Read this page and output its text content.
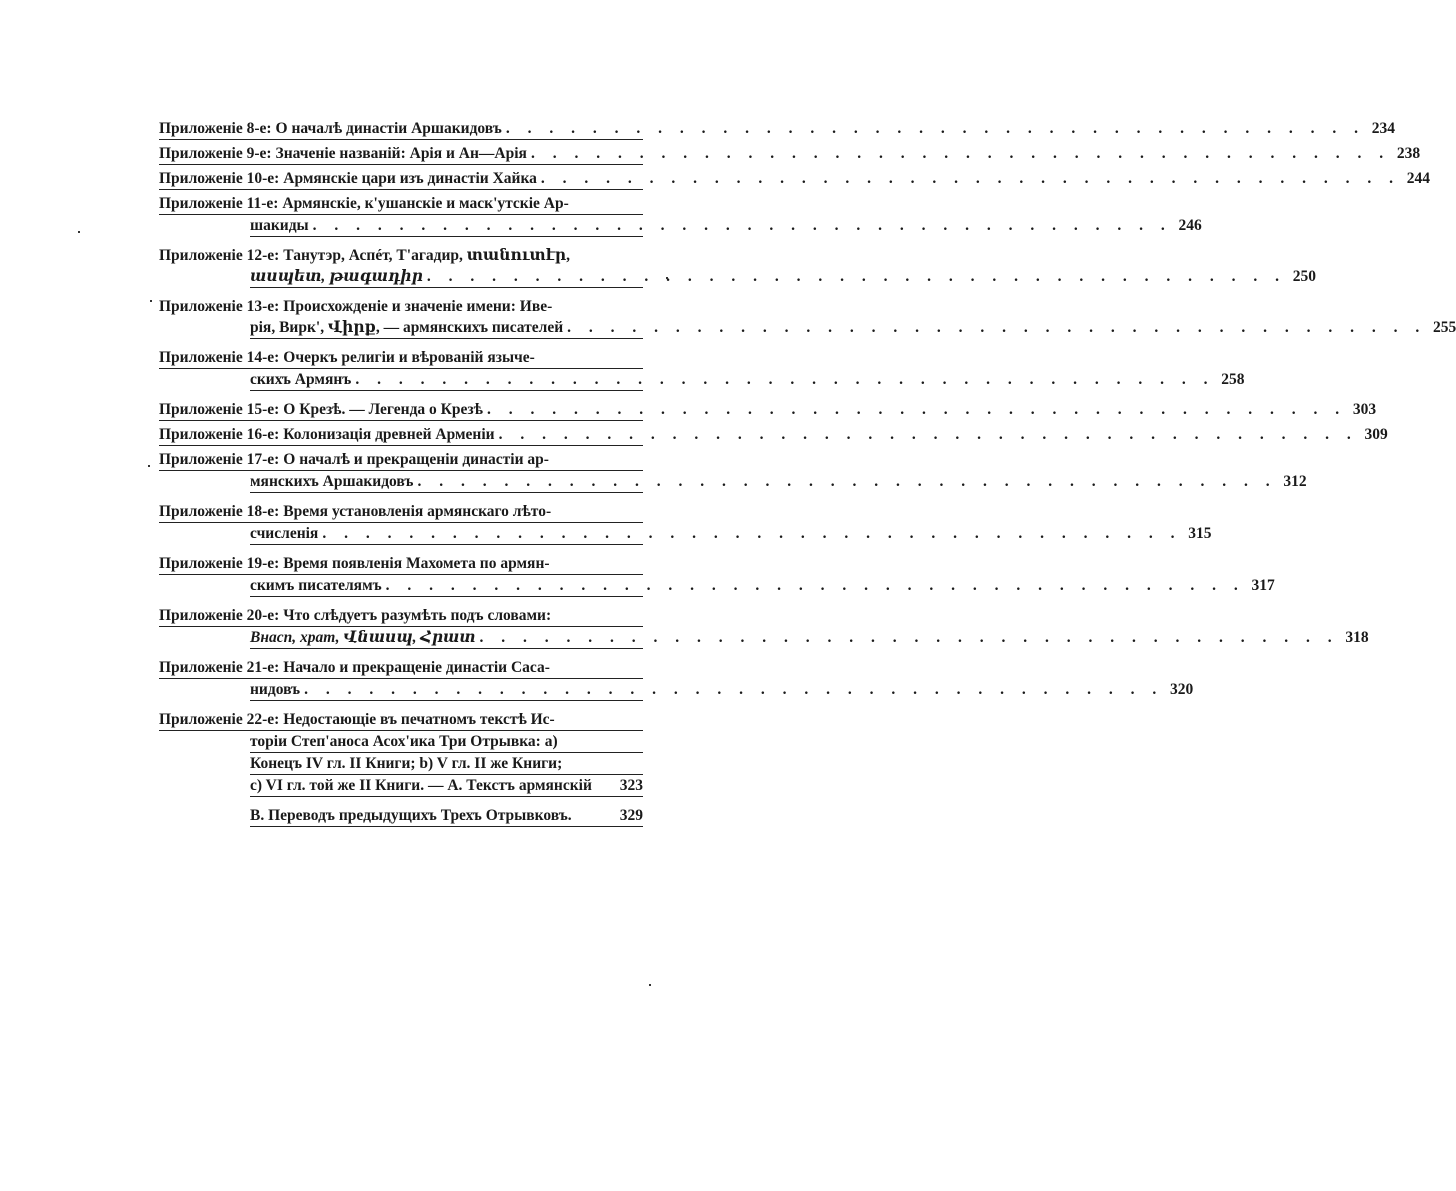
Приложеніе 8-е: О началѣ династіи Аршакидовъ . . .	234
Приложеніе 9-е: Значеніе названій: Арія и Ан—Арія . . .	238
Приложеніе 10-е: Армянскіе цари изъ династіи Хайка . . .	244
Приложеніе 11-е: Армянскіе, к'ушанскіе и маск'утскіе Ар-
шакиды . . .	246
Приложеніе 12-е: Танутэр, Аспéт, Т'агадир, տանուտէր,
ասպետ, թագադիր . . .	250
Приложеніе 13-е: Происхожденіе и значеніе имени: Иве-
рія, Вирк', Վիրք, — армянскихъ писателей . . .	255
Приложеніе 14-е: Очеркъ религіи и вѣрованій языче-
скихъ Армянъ . . .	258
Приложеніе 15-е: О Крезѣ. — Легенда о Крезѣ . . .	303
Приложеніе 16-е: Колонизація древней Арменіи . . .	309
Приложеніе 17-е: О началѣ и прекращеніи династіи ар-
мянскихъ Аршакидовъ . . .	312
Приложеніе 18-е: Время установленія армянскаго лѣто-
счисленія . . .	315
Приложеніе 19-е: Время появленія Махомета по армян-
скимъ писателямъ . . .	317
Приложеніе 20-е: Что слѣдуетъ разумѣть подъ словами:
Внасп, храт, Վնասպ, Հրատ . . .	318
Приложеніе 21-е: Начало и прекращеніе династіи Саса-
нидовъ . . .	320
Приложеніе 22-е: Недостающіе въ печатномъ текстѣ Ис-
торіи Степ'аноса Асох'ика Три Отрывка: а)
Конецъ IV гл. II Книги; b) V гл. II же Книги;
c) VI гл. той же II Книги. — А. Текстъ армянскій	323
В. Переводъ предыдущихъ Трехъ Отрывковъ.	329
